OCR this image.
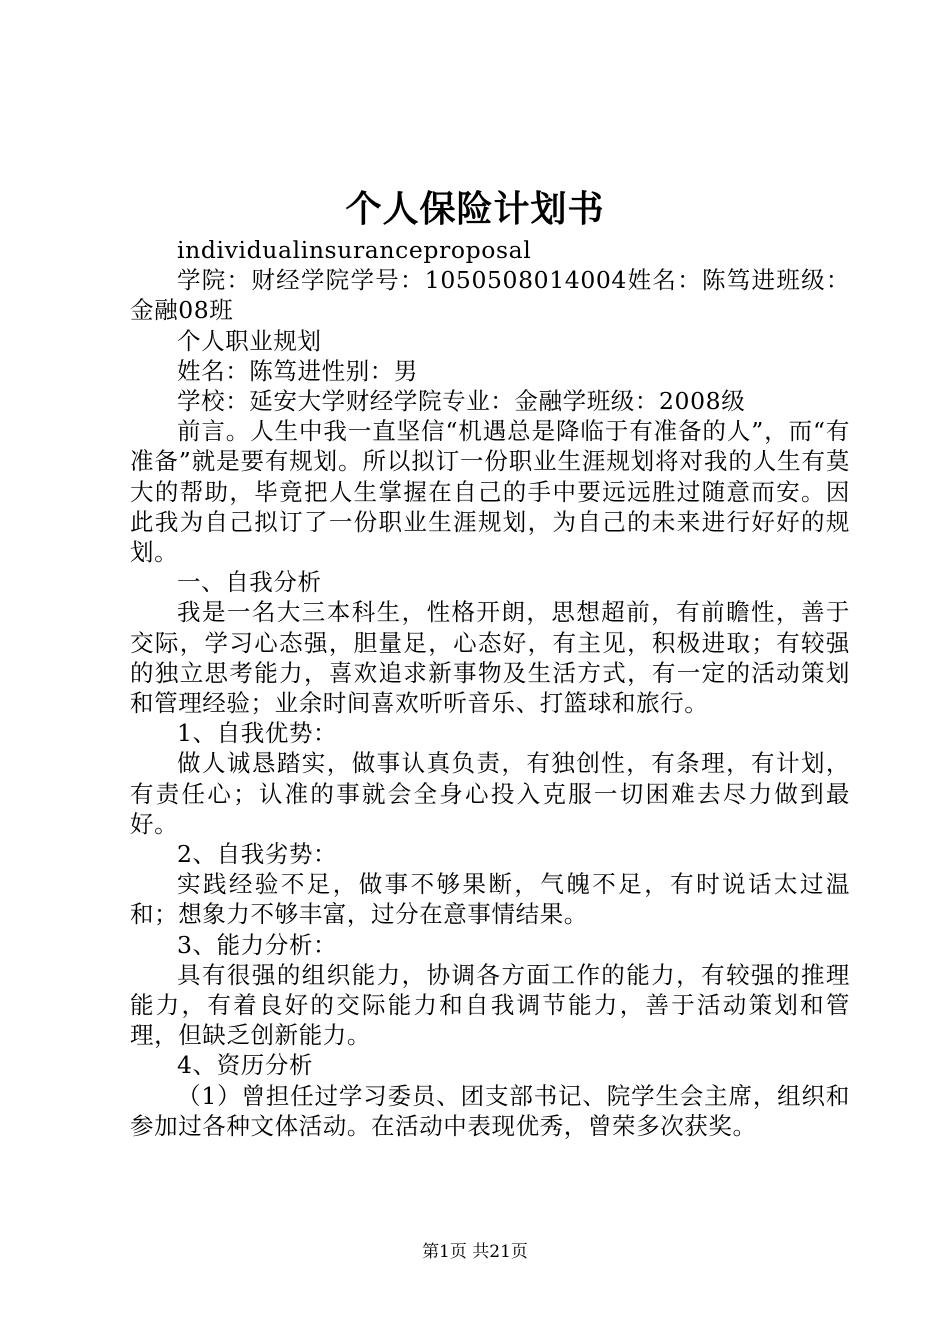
个人保险计划书

individualinsuranceproposal

学院：财经学院学号：1050508014004姓名：陈笃进班级：金融08班

个人职业规划

姓名：陈笃进性别：男

学校：延安大学财经学院专业：金融学班级：2008级

前言。人生中我一直坚信“机遇总是降临于有准备的人”，而“有准备”就是要有规划。所以拟订一份职业生涯规划将对我的人生有莫大的帮助，毕竟把人生掌握在自己的手中要远远胜过随意而安。因此我为自己拟订了一份职业生涯规划，为自己的未来进行好好的规划。

一、自我分析

我是一名大三本科生，性格开朗，思想超前，有前瞻性，善于交际，学习心态强，胆量足，心态好，有主见，积极进取；有较强的独立思考能力，喜欢追求新事物及生活方式，有一定的活动策划和管理经验；业余时间喜欢听听音乐、打篮球和旅行。

1、自我优势：

做人诚恳踏实，做事认真负责，有独创性，有条理，有计划，有责任心；认准的事就会全身心投入克服一切困难去尽力做到最好。

2、自我劣势：

实践经验不足，做事不够果断，气魄不足，有时说话太过温和；想象力不够丰富，过分在意事情结果。

3、能力分析：

具有很强的组织能力，协调各方面工作的能力，有较强的推理能力，有着良好的交际能力和自我调节能力，善于活动策划和管理，但缺乏创新能力。

4、资历分析

（1）曾担任过学习委员、团支部书记、院学生会主席，组织和参加过各种文体活动。在活动中表现优秀，曾荣多次获奖。

第1页 共21页
